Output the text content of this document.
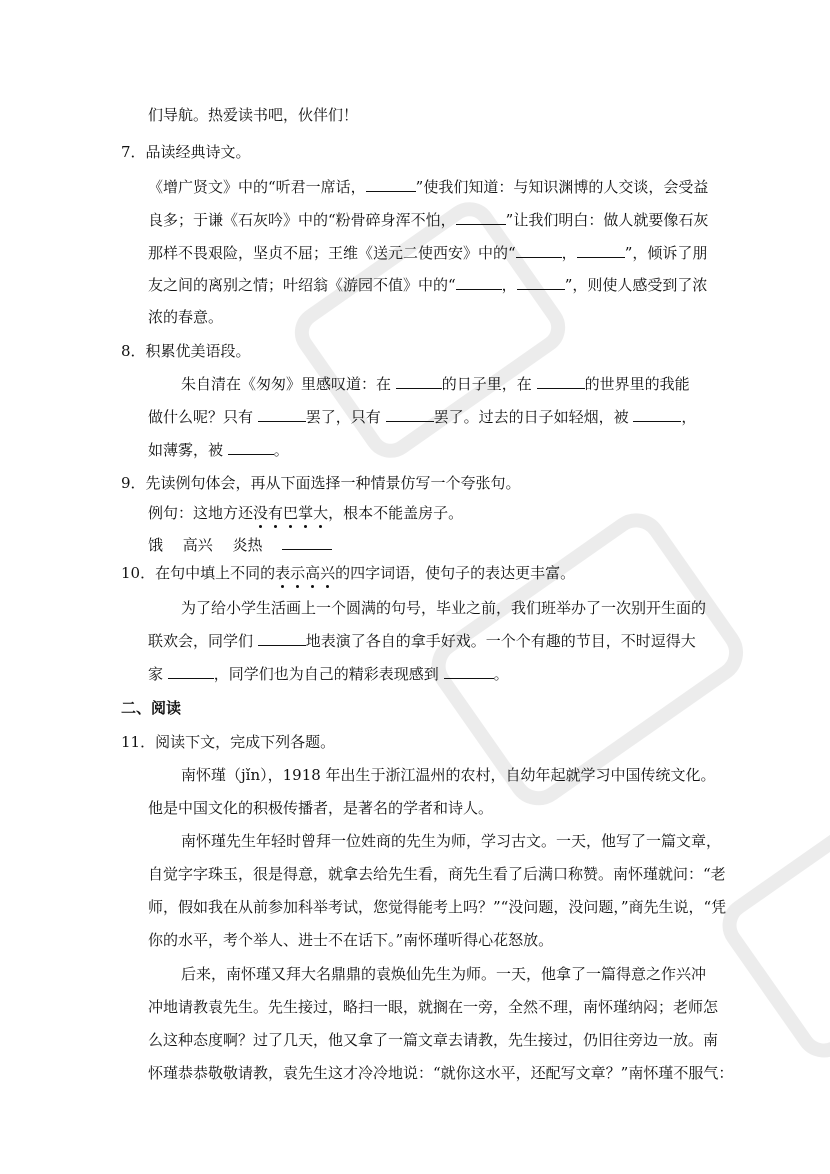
们导航。热爱读书吧，伙伴们！
7．品读经典诗文。
《增广贤文》中的“听君一席话，	”使我们知道：与知识渊博的人交谈，会受益
良多；于谦《石灰吟》中的“粉骨碎身浑不怕，	”让我们明白：做人就要像石灰
那样不畏艰险，坚贞不屈；王维《送元二使西安》中的“	，	”，倾诉了朋
友之间的离别之情；叶绍翁《游园不值》中的“	，	”，则使人感受到了浓
浓的春意。
8．积累优美语段。
朱自清在《匆匆》里感叹道：在	的日子里，在	的世界里的我能
做什么呢？只有	罢了，只有	罢了。过去的日子如轻烟，被	，
如薄雾，被	。
9．先读例句体会，再从下面选择一种情景仿写一个夸张句。
例句：这地方还没有巴掌大，根本不能盖房子。
饿　 高兴　 炎热　
10．在句中填上不同的表示高兴的四字词语，使句子的表达更丰富。
为了给小学生活画上一个圆满的句号，毕业之前，我们班举办了一次别开生面的
联欢会，同学们	地表演了各自的拿手好戏。一个个有趣的节目，不时逗得大
家	，同学们也为自己的精彩表现感到	。
二、阅读
11．阅读下文，完成下列各题。
南怀瑾（jǐn），1918 年出生于浙江温州的农村，自幼年起就学习中国传统文化。
他是中国文化的积极传播者，是著名的学者和诗人。
南怀瑾先生年轻时曾拜一位姓商的先生为师，学习古文。一天，他写了一篇文章，
自觉字字珠玉，很是得意，就拿去给先生看，商先生看了后满口称赞。南怀瑾就问：“老
师，假如我在从前参加科举考试，您觉得能考上吗？”“没问题，没问题，”商先生说，“凭
你的水平，考个举人、进士不在话下。”南怀瑾听得心花怒放。
后来，南怀瑾又拜大名鼎鼎的袁焕仙先生为师。一天，他拿了一篇得意之作兴冲
冲地请教袁先生。先生接过，略扫一眼，就搁在一旁，全然不理，南怀瑾纳闷；老师怎
么这种态度啊？过了几天，他又拿了一篇文章去请教，先生接过，仍旧往旁边一放。南
怀瑾恭恭敬敬请教，袁先生这才冷冷地说：“就你这水平，还配写文章？”南怀瑾不服气：
